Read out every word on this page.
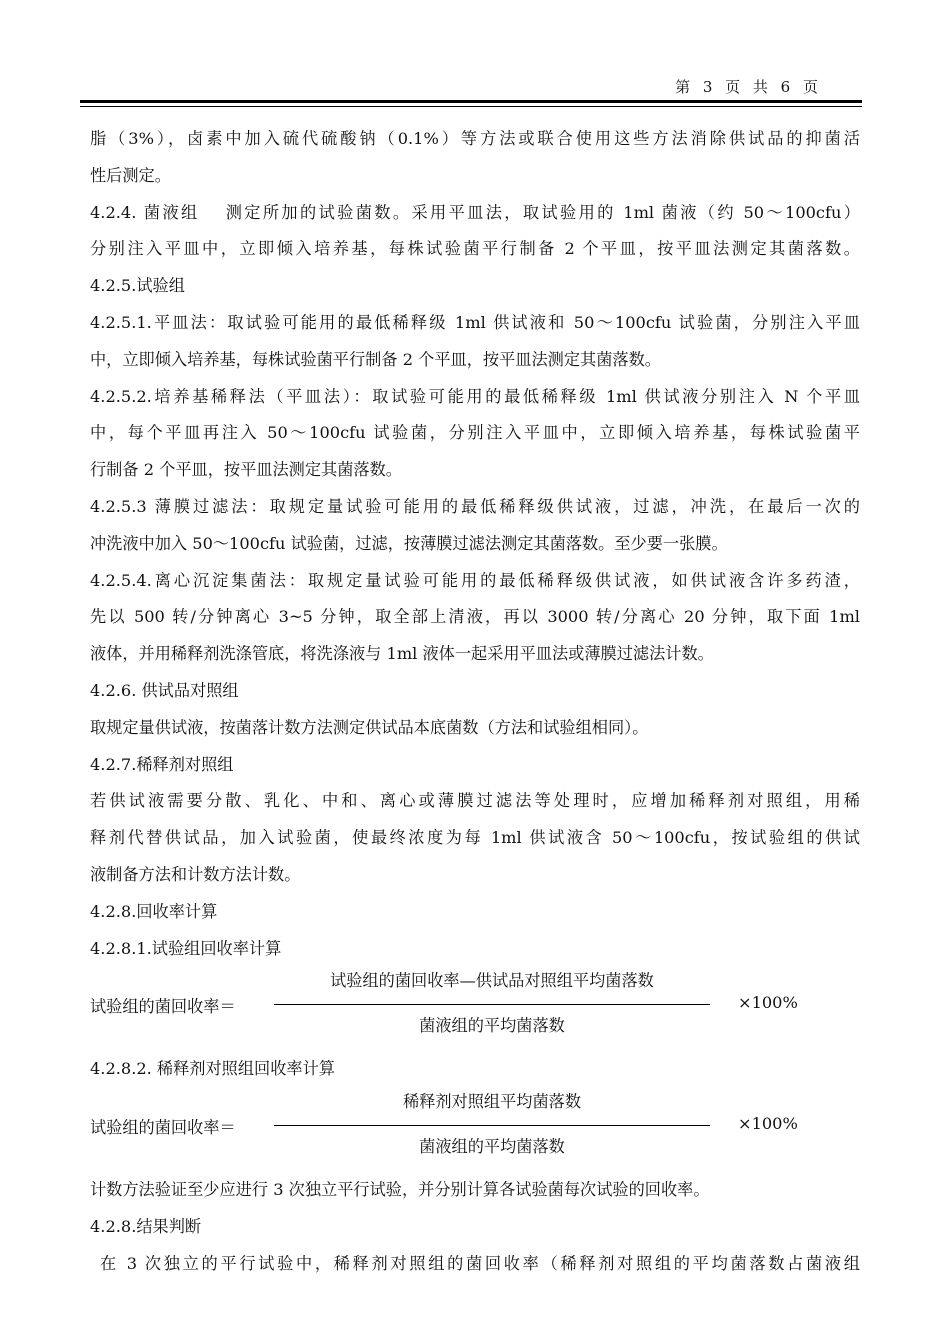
第 3 页 共 6 页
脂（3%），卤素中加入硫代硫酸钠（0.1%）等方法或联合使用这些方法消除供试品的抑菌活
性后测定。
4.2.4. 菌液组　 测定所加的试验菌数。采用平皿法，取试验用的 1ml 菌液（约 50～100cfu）
分别注入平皿中，立即倾入培养基，每株试验菌平行制备 2 个平皿，按平皿法测定其菌落数。
4.2.5.试验组
4.2.5.1.平皿法：取试验可能用的最低稀释级 1ml 供试液和 50～100cfu 试验菌，分别注入平皿
中，立即倾入培养基，每株试验菌平行制备 2 个平皿，按平皿法测定其菌落数。
4.2.5.2.培养基稀释法（平皿法）：取试验可能用的最低稀释级 1ml 供试液分别注入 N 个平皿
中，每个平皿再注入 50～100cfu 试验菌，分别注入平皿中，立即倾入培养基，每株试验菌平
行制备 2 个平皿，按平皿法测定其菌落数。
4.2.5.3 薄膜过滤法：取规定量试验可能用的最低稀释级供试液，过滤，冲洗，在最后一次的
冲洗液中加入 50～100cfu 试验菌，过滤，按薄膜过滤法测定其菌落数。至少要一张膜。
4.2.5.4.离心沉淀集菌法：取规定量试验可能用的最低稀释级供试液，如供试液含许多药渣，
先以 500 转/分钟离心 3~5 分钟，取全部上清液，再以 3000 转/分离心 20 分钟，取下面 1ml
液体，并用稀释剂洗涤管底，将洗涤液与 1ml 液体一起采用平皿法或薄膜过滤法计数。
4.2.6. 供试品对照组
取规定量供试液，按菌落计数方法测定供试品本底菌数（方法和试验组相同）。
4.2.7.稀释剂对照组
若供试液需要分散、乳化、中和、离心或薄膜过滤法等处理时，应增加稀释剂对照组，用稀
释剂代替供试品，加入试验菌，使最终浓度为每 1ml 供试液含 50～100cfu，按试验组的供试
液制备方法和计数方法计数。
4.2.8.回收率计算
4.2.8.1.试验组回收率计算
试验组的菌回收率＝
试验组的菌回收率—供试品对照组平均菌落数
菌液组的平均菌落数
×100%
4.2.8.2. 稀释剂对照组回收率计算
试验组的菌回收率＝
稀释剂对照组平均菌落数
菌液组的平均菌落数
×100%
计数方法验证至少应进行 3 次独立平行试验，并分别计算各试验菌每次试验的回收率。
4.2.8.结果判断
在 3 次独立的平行试验中，稀释剂对照组的菌回收率（稀释剂对照组的平均菌落数占菌液组
